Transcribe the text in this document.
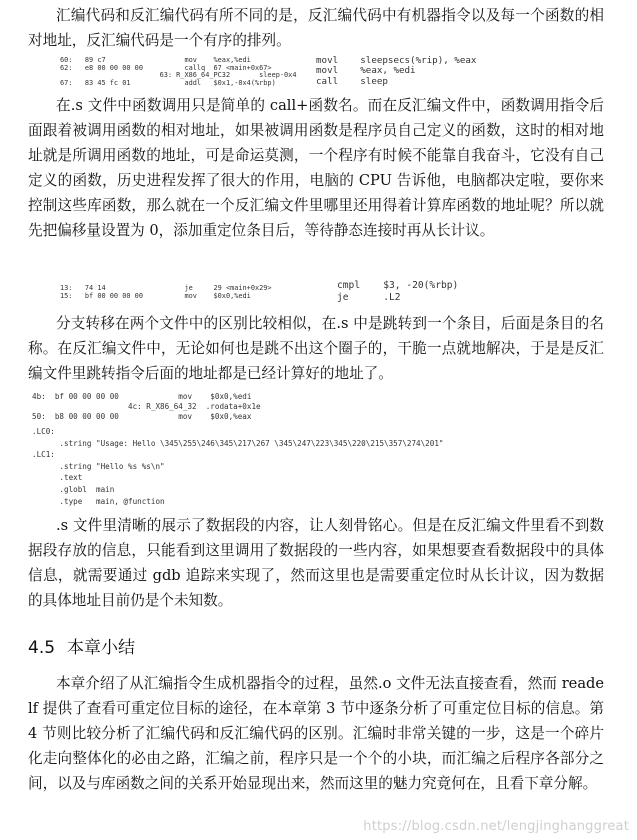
汇编代码和反汇编代码有所不同的是，反汇编代码中有机器指令以及每一个函数的相对地址，反汇编代码是一个有序的排列。

60:   89 c7                   mov    %eax,%edi
62:   e8 00 00 00 00          callq  67 <main+0x67>
63: R_X86_64_PC32       sleep-0x4
67:   83 45 fc 01             addl   $0x1,-0x4(%rbp)

movl    sleepsecs(%rip), %eax
movl    %eax, %edi
call    sleep

在.s 文件中函数调用只是简单的 call+函数名。而在反汇编文件中，函数调用指令后面跟着被调用函数的相对地址，如果被调用函数是程序员自己定义的函数，这时的相对地址就是所调用函数的地址，可是命运莫测，一个程序有时候不能靠自我奋斗，它没有自己定义的函数，历史进程发挥了很大的作用，电脑的 CPU 告诉他，电脑都决定啦，要你来控制这些库函数，那么就在一个反汇编文件里哪里还用得着计算库函数的地址呢？所以就先把偏移量设置为 0，添加重定位条目后，等待静态连接时再从长计议。

13:   74 14                   je     29 <main+0x29>
15:   bf 00 00 00 00          mov    $0x0,%edi

cmpl    $3, -20(%rbp)
je      .L2

分支转移在两个文件中的区别比较相似，在.s 中是跳转到一个条目，后面是条目的名称。在反汇编文件中，无论如何也是跳不出这个圈子的，干脆一点就地解决，于是是反汇编文件里跳转指令后面的地址都是已经计算好的地址了。

4b:  bf 00 00 00 00             mov    $0x0,%edi
4c: R_X86_64_32  .rodata+0x1e
50:  b8 00 00 00 00             mov    $0x0,%eax

.LC0:
.string "Usage: Hello \345\255\246\345\217\267 \345\247\223\345\220\215\357\274\201"
.LC1:
.string "Hello %s %s\n"
.text
.globl  main
.type   main, @function

.s 文件里清晰的展示了数据段的内容，让人刻骨铭心。但是在反汇编文件里看不到数据段存放的信息，只能看到这里调用了数据段的一些内容，如果想要查看数据段中的具体信息，就需要通过 gdb 追踪来实现了，然而这里也是需要重定位时从长计议，因为数据的具体地址目前仍是个未知数。

4.5 本章小结

本章介绍了从汇编指令生成机器指令的过程，虽然.o 文件无法直接查看，然而 readelf 提供了查看可重定位目标的途径，在本章第 3 节中逐条分析了可重定位目标的信息。第 4 节则比较分析了汇编代码和反汇编代码的区别。汇编时非常关键的一步，这是一个碎片化走向整体化的必由之路，汇编之前，程序只是一个个的小块，而汇编之后程序各部分之间，以及与库函数之间的关系开始显现出来，然而这里的魅力究竟何在，且看下章分解。

https://blog.csdn.net/lengjinghanggreat
